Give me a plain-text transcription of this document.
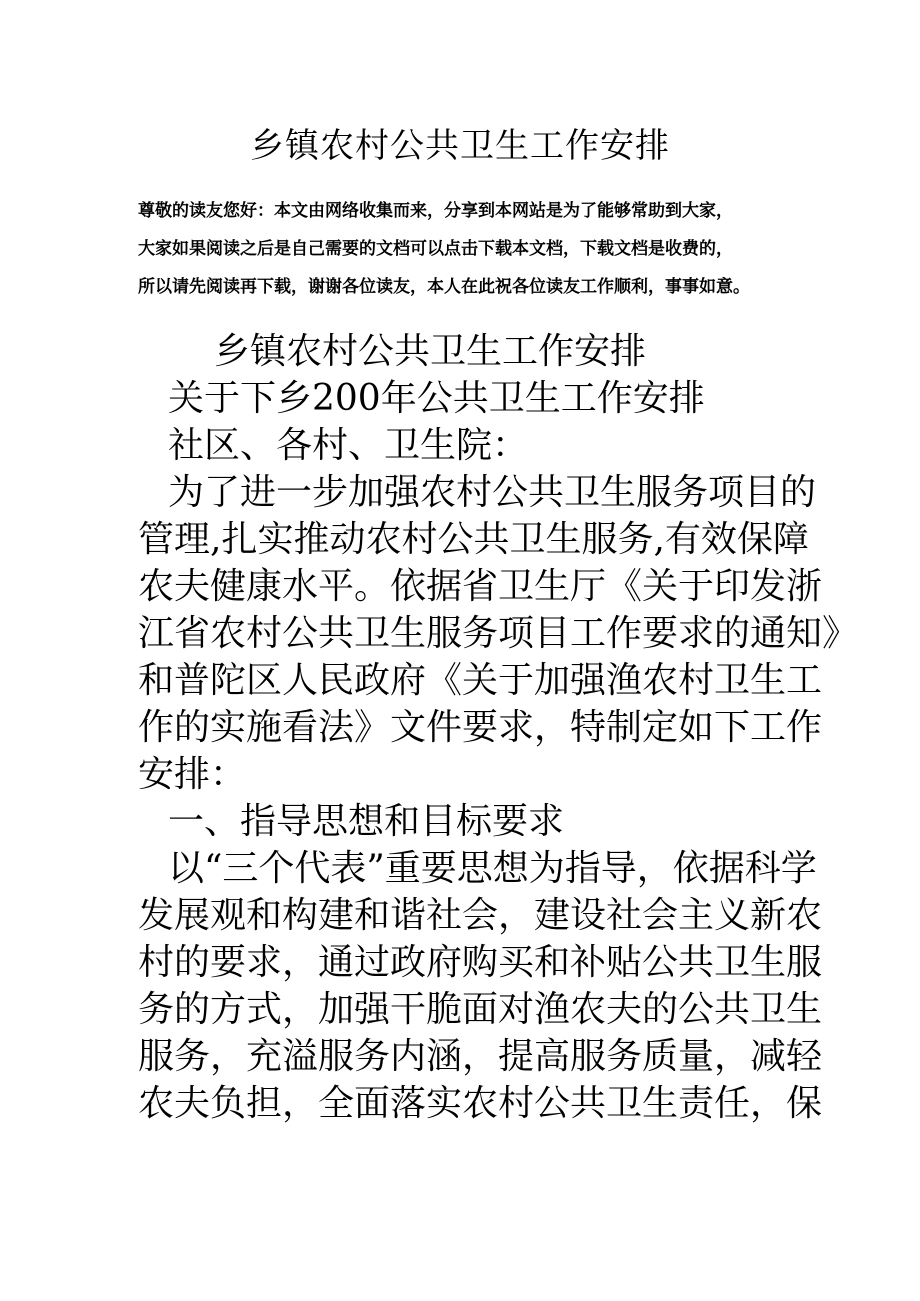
乡镇农村公共卫生工作安排
尊敬的读友您好：本文由网络收集而来，分享到本网站是为了能够常助到大家，
大家如果阅读之后是自己需要的文档可以点击下载本文档，下载文档是收费的，
所以请先阅读再下载，谢谢各位读友，本人在此祝各位读友工作顺利，事事如意。
乡镇农村公共卫生工作安排
关于下乡200年公共卫生工作安排
社区、各村、卫生院：
为了进一步加强农村公共卫生服务项目的
管理,扎实推动农村公共卫生服务,有效保障
农夫健康水平。依据省卫生厅《关于印发浙
江省农村公共卫生服务项目工作要求的通知》
和普陀区人民政府《关于加强渔农村卫生工
作的实施看法》文件要求，特制定如下工作
安排：
一、指导思想和目标要求
以“三个代表”重要思想为指导，依据科学
发展观和构建和谐社会，建设社会主义新农
村的要求，通过政府购买和补贴公共卫生服
务的方式，加强干脆面对渔农夫的公共卫生
服务，充溢服务内涵，提高服务质量，减轻
农夫负担，全面落实农村公共卫生责任，保
